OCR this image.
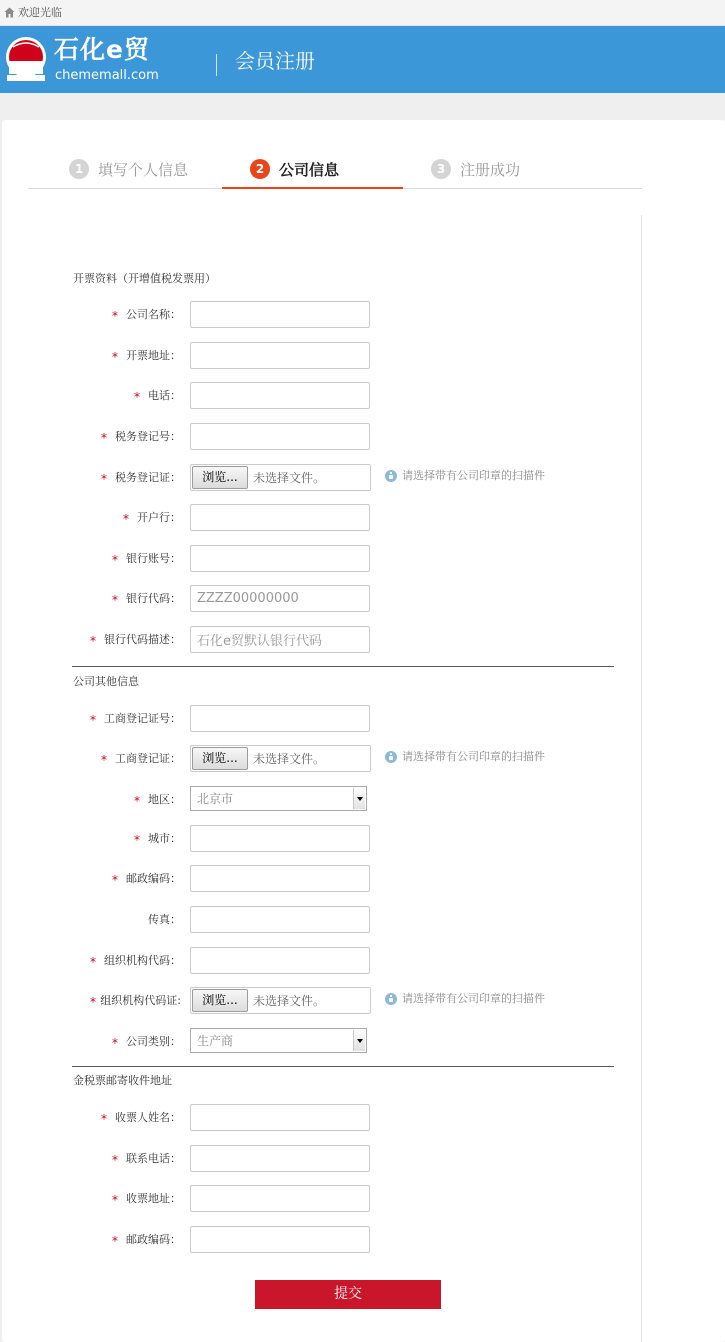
欢迎光临
石化e贸
chememall.com
会员注册
1 填写个人信息	2 公司信息	3 注册成功
开票资料（开增值税发票用）
* 公司名称：
* 开票地址：
* 电话：
* 税务登记号：
* 税务登记证：	浏览...	未选择文件。	请选择带有公司印章的扫描件
* 开户行：
* 银行账号：
* 银行代码：
ZZZZ00000000
* 银行代码描述：
石化e贸默认银行代码
公司其他信息
* 工商登记证号：
* 工商登记证：	浏览...	未选择文件。	请选择带有公司印章的扫描件
* 地区： 北京市
* 城市：
* 邮政编码：
传真：
* 组织机构代码：
* 组织机构代码证:	浏览...	未选择文件。	请选择带有公司印章的扫描件
* 公司类别： 生产商
金税票邮寄收件地址
* 收票人姓名：
* 联系电话：
* 收票地址：
* 邮政编码：
提交
